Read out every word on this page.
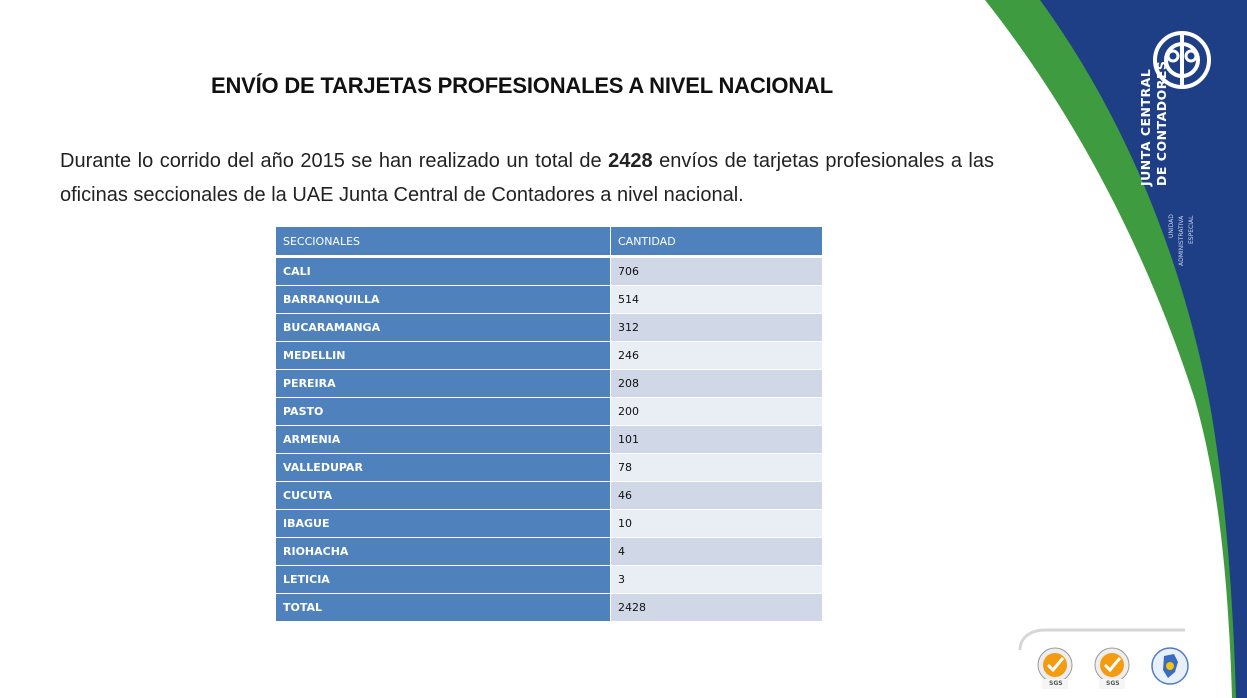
ENVÍO DE TARJETAS PROFESIONALES A NIVEL NACIONAL
Durante lo corrido del año 2015 se han realizado un total de 2428 envíos de tarjetas profesionales a las oficinas seccionales de la UAE Junta Central de Contadores a nivel nacional.
SECCIONALES	CANTIDAD
CALI	706
BARRANQUILLA	514
BUCARAMANGA	312
MEDELLIN	246
PEREIRA	208
PASTO	200
ARMENIA	101
VALLEDUPAR	78
CUCUTA	46
IBAGUE	10
RIOHACHA	4
LETICIA	3
TOTAL	2428
JUNTA CENTRAL DE CONTADORES
UNIDAD ADMINISTRATIVA ESPECIAL
SGS	SGS
